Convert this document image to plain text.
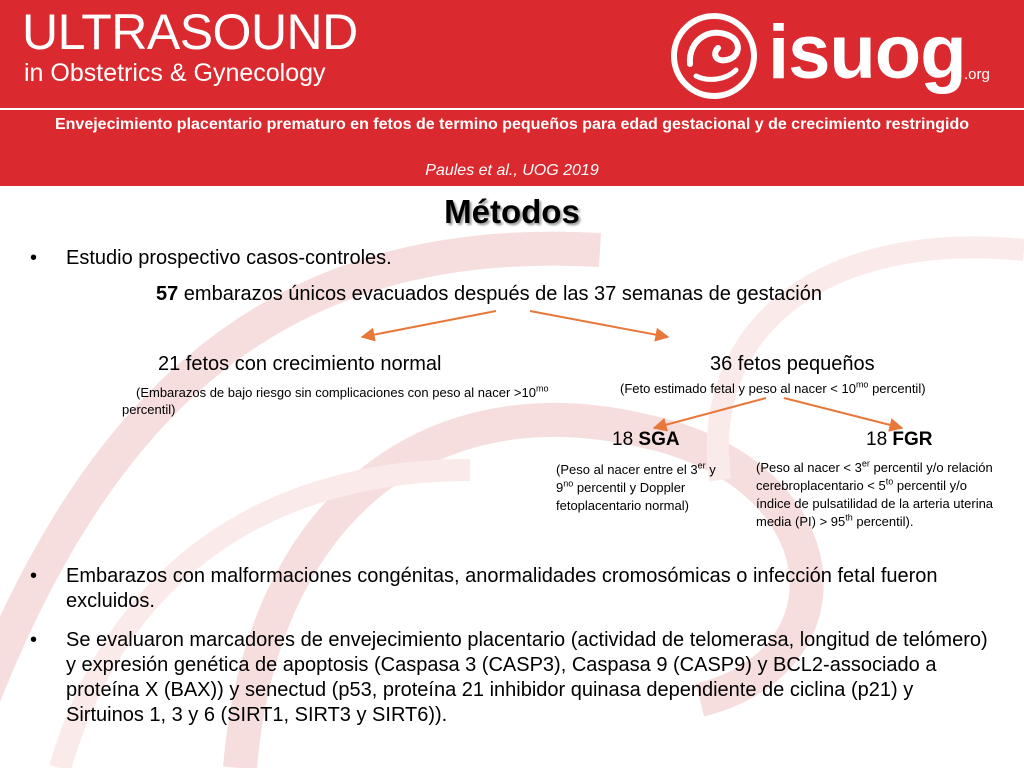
ULTRASOUND
in Obstetrics & Gynecology	isuog
.org
Envejecimiento placentario prematuro en fetos de termino pequeños para edad gestacional y de crecimiento restringido
Paules et al., UOG 2019
Métodos
•	Estudio prospectivo casos-controles.
57 embarazos únicos evacuados después de las 37 semanas de gestación
21 fetos con crecimiento normal
(Embarazos de bajo riesgo sin complicaciones con peso al nacer $>10^{mo}$ percentil)
36 fetos pequeños
(Feto estimado fetal y peso al nacer < $10^{mo}$ percentil)
18 SGA
(Peso al nacer entre el 3er y $9^{no}$ percentil y Doppler fetoplacentario normal)
18 FGR
(Peso al nacer < 3er percentil y/o relación cerebroplacentario < $5^{to}$ percentil y/o índice de pulsatilidad de la arteria uterina media (PI) > 95th percentil).
•	Embarazos con malformaciones congénitas, anormalidades cromosómicas o infección fetal fueron excluidos.
•	Se evaluaron marcadores de envejecimiento placentario (actividad de telomerasa, longitud de telómero) y expresión genética de apoptosis (Caspasa 3 (CASP3), Caspasa 9 (CASP9) y BCL2-associado a proteína X (BAX)) y senectud (p53, proteína 21 inhibidor quinasa dependiente de ciclina (p21) y Sirtuinos 1, 3 y 6 (SIRT1, SIRT3 y SIRT6)).
